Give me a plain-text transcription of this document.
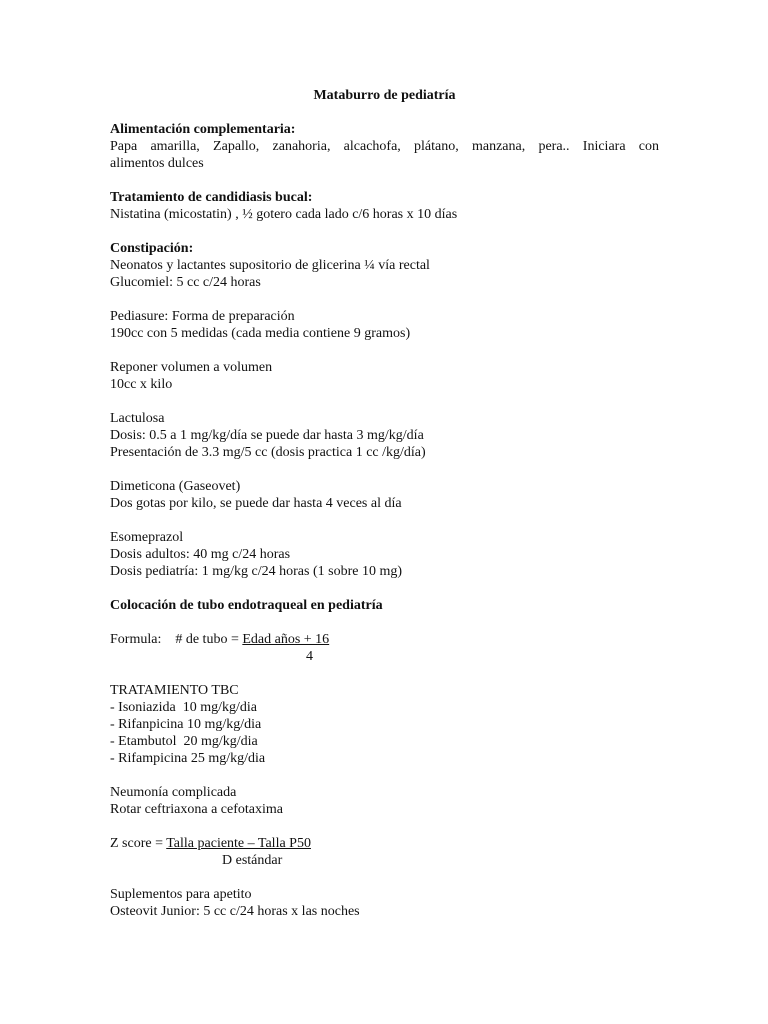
Mataburro de pediatría
Alimentación complementaria:
Papa amarilla, Zapallo, zanahoria, alcachofa, plátano, manzana, pera.. Iniciara con
alimentos dulces
Tratamiento de candidiasis bucal:
Nistatina (micostatin) , ½ gotero cada lado c/6 horas x 10 días
Constipación:
Neonatos y lactantes supositorio de glicerina ¼ vía rectal
Glucomiel: 5 cc c/24 horas
Pediasure: Forma de preparación
190cc con 5 medidas (cada media contiene 9 gramos)
Reponer volumen a volumen
10cc x kilo
Lactulosa
Dosis: 0.5 a 1 mg/kg/día se puede dar hasta 3 mg/kg/día
Presentación de 3.3 mg/5 cc (dosis practica 1 cc /kg/día)
Dimeticona (Gaseovet)
Dos gotas por kilo, se puede dar hasta 4 veces al día
Esomeprazol
Dosis adultos: 40 mg c/24 horas
Dosis pediatría: 1 mg/kg c/24 horas (1 sobre 10 mg)
Colocación de tubo endotraqueal en pediatría
Formula: # de tubo = Edad años + 16
4
TRATAMIENTO TBC
- Isoniazida  10 mg/kg/dia
- Rifanpicina 10 mg/kg/dia
- Etambutol  20 mg/kg/dia
- Rifampicina 25 mg/kg/dia
Neumonía complicada
Rotar ceftriaxona a cefotaxima
Z score = Talla paciente – Talla P50
D estándar
Suplementos para apetito
Osteovit Junior: 5 cc c/24 horas x las noches
